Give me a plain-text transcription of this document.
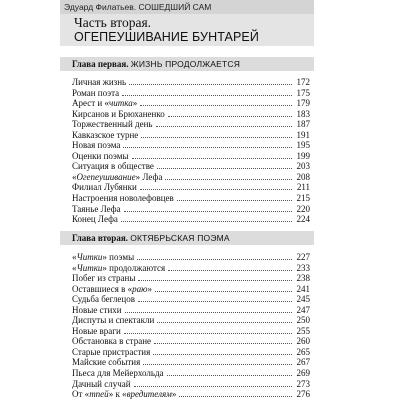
Эдуард Филатьев. СОШЕДШИЙ САМ
Часть вторая.
ОГЕПЕУШИВАНИЕ БУНТАРЕЙ
Глава первая. ЖИЗНЬ ПРОДОЛЖАЕТСЯ
Личная жизнь	172
Роман поэта	175
Арест и «читка»	179
Кирсанов и Брюханенко	183
Торжественный день	187
Кавказское турне	191
Новая поэма	195
Оценки поэмы	199
Ситуация в обществе	203
«Огепеушивание» Лефа	208
Филиал Лубянки	211
Настроения новолефовцев	215
Таянье Лефа	220
Конец Лефа	224
Глава вторая. ОКТЯБРЬСКАЯ ПОЭМА
«Читки» поэмы	227
«Читки» продолжаются	233
Побег из страны	238
Оставшиеся в «раю»	241
Судьба беглецов	245
Новые стихи	247
Диспуты и спектакли	250
Новые враги	255
Обстановка в стране	260
Старые пристрастия	265
Майские события	267
Пьеса для Мейерхольда	269
Дачный случай	273
От «тпей» к «вредителям»	276
